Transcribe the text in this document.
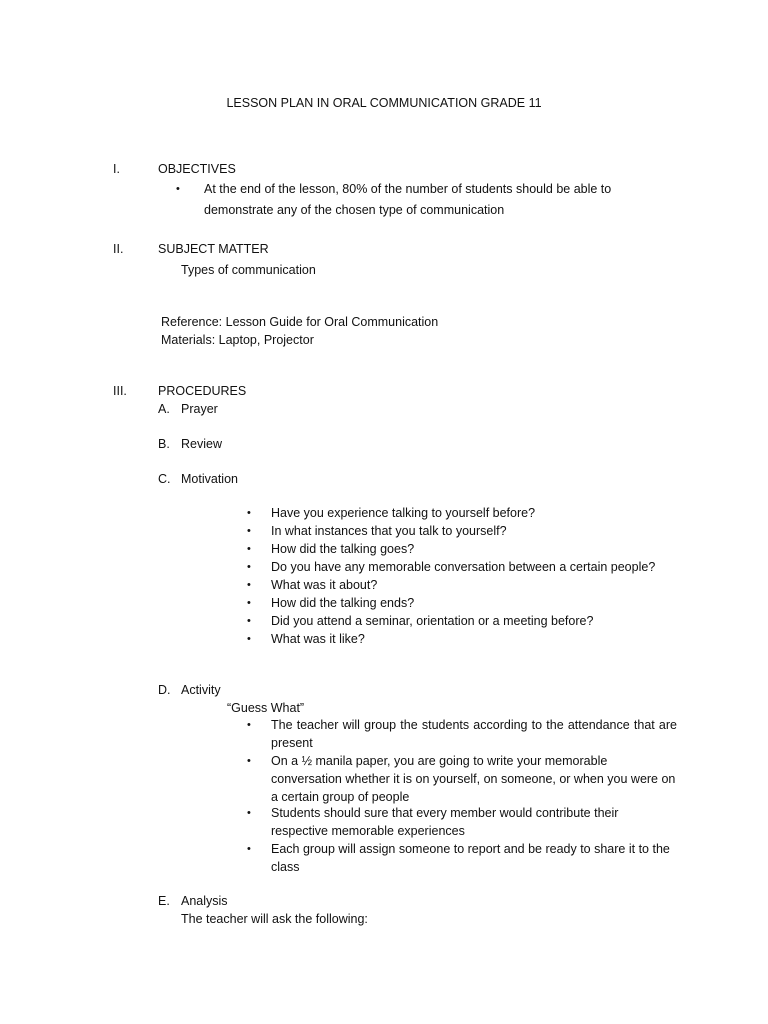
LESSON PLAN IN ORAL COMMUNICATION GRADE 11
I.	OBJECTIVES
• At the end of the lesson, 80% of the number of students should be able to
demonstrate any of the chosen type of communication
II.	SUBJECT MATTER
Types of communication
Reference: Lesson Guide for Oral Communication
Materials: Laptop, Projector
III. PROCEDURES
A. Prayer
B. Review
C. Motivation
• Have you experience talking to yourself before?
• In what instances that you talk to yourself?
• How did the talking goes?
• Do you have any memorable conversation between a certain people?
• What was it about?
• How did the talking ends?
• Did you attend a seminar, orientation or a meeting before?
• What was it like?
D. Activity
“Guess What”
• The teacher will group the students according to the attendance that are present
• On a ½ manila paper, you are going to write your memorable conversation whether it is on yourself, on someone, or when you were on a certain group of people
• Students should sure that every member would contribute their respective memorable experiences
• Each group will assign someone to report and be ready to share it to the class
E. Analysis
The teacher will ask the following:
